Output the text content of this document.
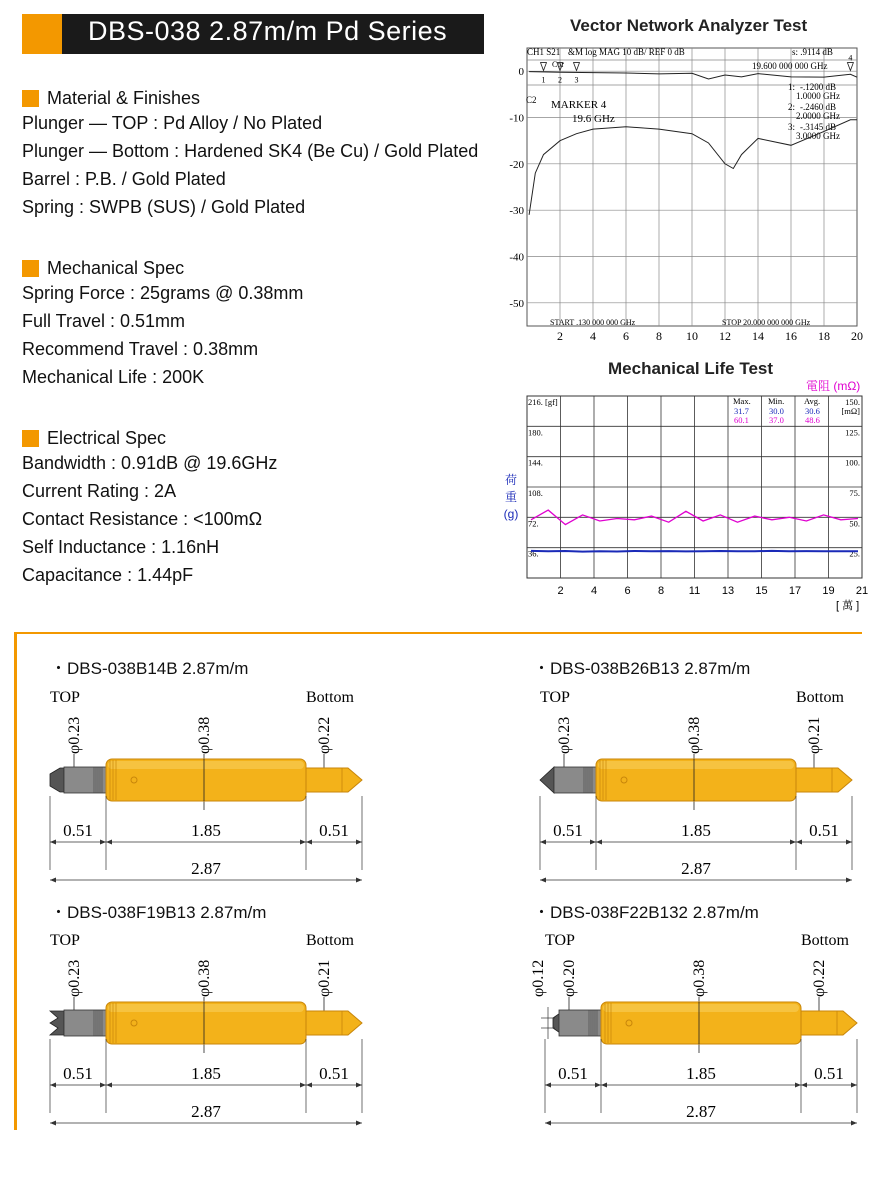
DBS-038 2.87m/m Pd Series
Material & Finishes
Plunger — TOP : Pd Alloy / No Plated
Plunger — Bottom : Hardened SK4 (Be Cu) / Gold Plated
Barrel : P.B. / Gold Plated
Spring : SWPB (SUS) / Gold Plated
Mechanical Spec
Spring Force : 25grams @ 0.38mm
Full Travel : 0.51mm
Recommend Travel : 0.38mm
Mechanical Life : 200K
Electrical Spec
Bandwidth : 0.91dB @ 19.6GHz
Current Rating : 2A
Contact Resistance : <100mΩ
Self Inductance : 1.16nH
Capacitance : 1.44pF
Vector Network Analyzer Test
CH1 S21 &M log MAG 10 dB/ REF 0 dB	s: .9114 dB
19.600 000 000 GHz
Cor
C2 MARKER 4
19.6 GHz
1: -.1200 dB
1.0000 GHz
2: -.2460 dB
2.0000 GHz
3: -.3145 dB
3.0000 GHz
0
-10
-20
-30
-40
-50
2 4 6 8 10 12 14 16 18 20
1 2 3
4
START .130 000 000 GHz	STOP 20.000 000 000 GHz
Mechanical Life Test
電阻 (mΩ)
荷
重
(g)
216. [gf]
180.
144.
108.
72.
36.
150.
[mΩ]
125.
100.
75.
50.
25.
2 4 6 8 11 13 15 17 19 21
Max. Min. Avg.
31.7 30.0 30.6
60.1 37.0 48.6
[ 萬 ]
・DBS-038B14B 2.87m/m	・DBS-038B26B13 2.87m/m
・DBS-038F19B13 2.87m/m	・DBS-038F22B132 2.87m/m
TOP	Bottom
φ0.23	φ0.38	φ0.22
0.51	1.85	0.51
2.87
TOP	Bottom
φ0.23	φ0.38	φ0.21
0.51	1.85	0.51
2.87
TOP	Bottom
φ0.23	φ0.38	φ0.21
0.51	1.85	0.51
2.87
TOP	Bottom
φ0.20	φ0.38	φ0.22
φ0.12
0.51	1.85	0.51
2.87
